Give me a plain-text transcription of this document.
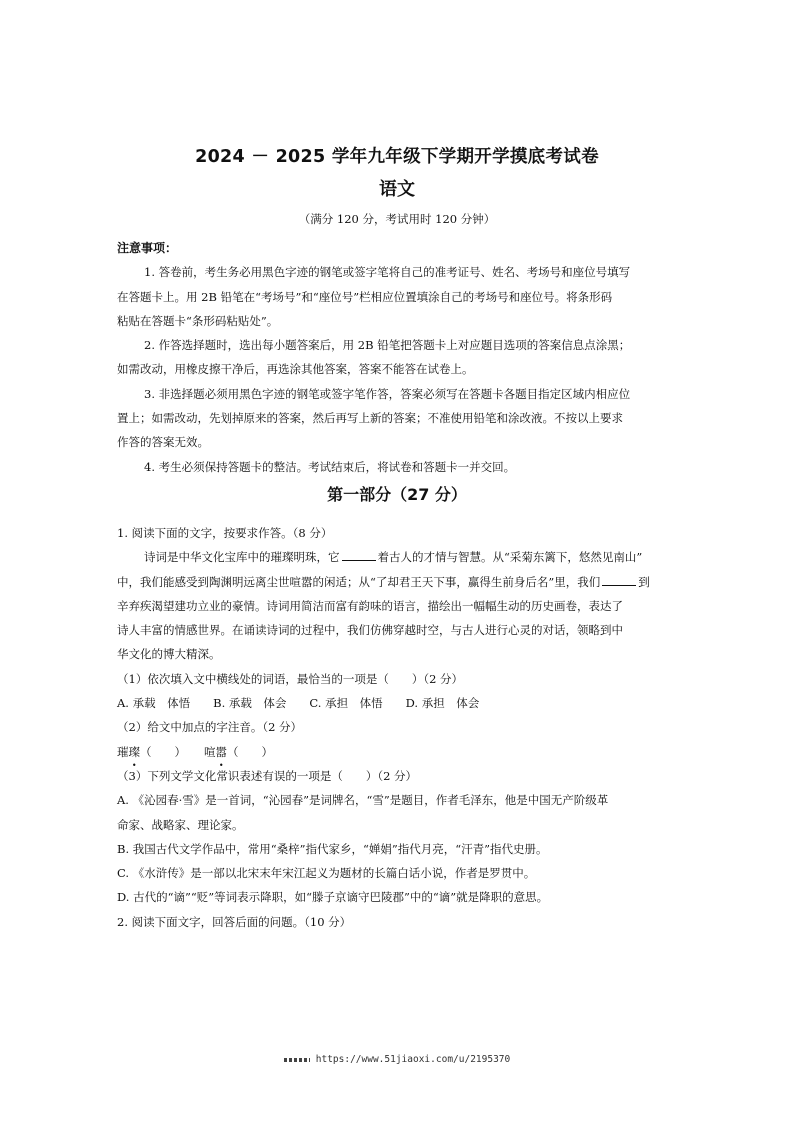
2024 － 2025 学年九年级下学期开学摸底考试卷
语文
（满分 120 分，考试用时 120 分钟）
注意事项：
1. 答卷前，考生务必用黑色字迹的钢笔或签字笔将自己的准考证号、姓名、考场号和座位号填写
在答题卡上。用 2B 铅笔在“考场号”和“座位号”栏相应位置填涂自己的考场号和座位号。将条形码
粘贴在答题卡“条形码粘贴处”。
2. 作答选择题时，选出每小题答案后，用 2B 铅笔把答题卡上对应题目选项的答案信息点涂黑；
如需改动，用橡皮擦干净后，再选涂其他答案，答案不能答在试卷上。
3. 非选择题必须用黑色字迹的钢笔或签字笔作答，答案必须写在答题卡各题目指定区域内相应位
置上；如需改动，先划掉原来的答案，然后再写上新的答案；不准使用铅笔和涂改液。不按以上要求
作答的答案无效。
4. 考生必须保持答题卡的整洁。考试结束后，将试卷和答题卡一并交回。
第一部分（27 分）
1. 阅读下面的文字，按要求作答。（8 分）
诗词是中华文化宝库中的璀璨明珠，它	着古人的才情与智慧。从“采菊东篱下，悠然见南山”
中，我们能感受到陶渊明远离尘世喧嚣的闲适；从“了却君王天下事，赢得生前身后名”里，我们	到
辛弃疾渴望建功立业的豪情。诗词用简洁而富有韵味的语言，描绘出一幅幅生动的历史画卷，表达了
诗人丰富的情感世界。在诵读诗词的过程中，我们仿佛穿越时空，与古人进行心灵的对话，领略到中
华文化的博大精深。
（1）依次填入文中横线处的词语，最恰当的一项是（　　）（2 分）
A. 承载　体悟　　B. 承载　体会　　C. 承担　体悟　　D. 承担　体会
（2）给文中加点的字注音。（2 分）
璀璨（　　） 喧嚣（　　）
（3）下列文学文化常识表述有误的一项是（　　）（2 分）
A. 《沁园春·雪》是一首词，“沁园春”是词牌名，“雪”是题目，作者毛泽东，他是中国无产阶级革
命家、战略家、理论家。
B. 我国古代文学作品中，常用“桑梓”指代家乡，“婵娟”指代月亮，“汗青”指代史册。
C. 《水浒传》是一部以北宋末年宋江起义为题材的长篇白话小说，作者是罗贯中。
D. 古代的“谪”“贬”等词表示降职，如“滕子京谪守巴陵郡”中的“谪”就是降职的意思。
2. 阅读下面文字，回答后面的问题。（10 分）
https://www.51jiaoxi.com/u/2195370
